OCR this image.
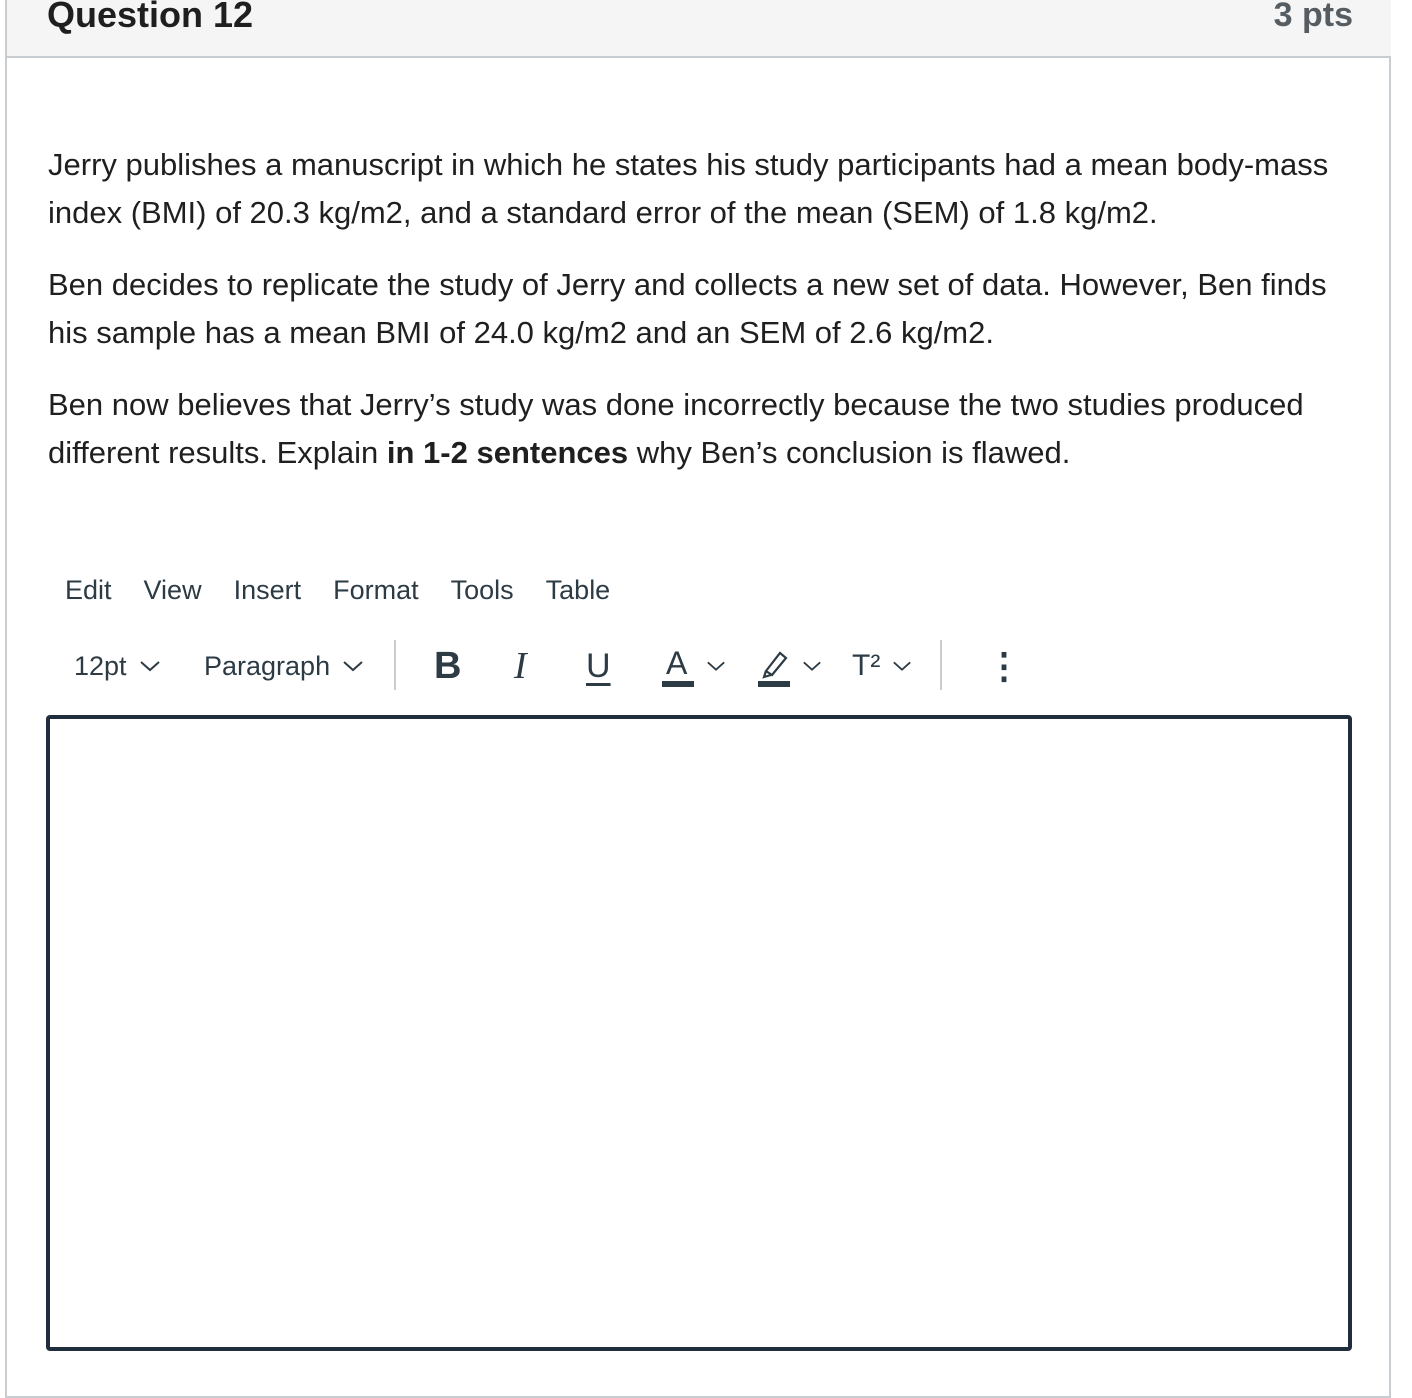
Question 12	3 pts

Jerry publishes a manuscript in which he states his study participants had a mean body-mass index (BMI) of 20.3 kg/m2, and a standard error of the mean (SEM) of 1.8 kg/m2.

Ben decides to replicate the study of Jerry and collects a new set of data. However, Ben finds his sample has a mean BMI of 24.0 kg/m2 and an SEM of 2.6 kg/m2.

Ben now believes that Jerry’s study was done incorrectly because the two studies produced different results. Explain in 1-2 sentences why Ben’s conclusion is flawed.

Edit	View	Insert	Format	Tools	Table
12pt	Paragraph	B I U A	T²	⋮
